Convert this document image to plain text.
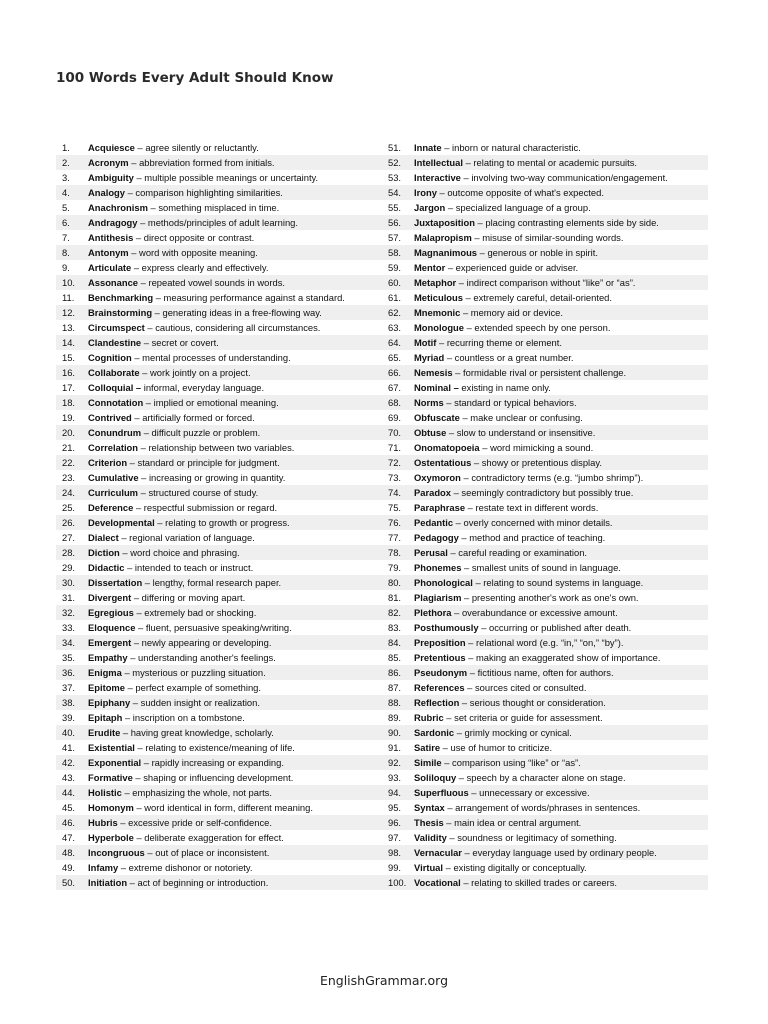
100 Words Every Adult Should Know
1. Acquiesce – agree silently or reluctantly.
2. Acronym – abbreviation formed from initials.
3. Ambiguity – multiple possible meanings or uncertainty.
4. Analogy – comparison highlighting similarities.
5. Anachronism – something misplaced in time.
6. Andragogy – methods/principles of adult learning.
7. Antithesis – direct opposite or contrast.
8. Antonym – word with opposite meaning.
9. Articulate – express clearly and effectively.
10. Assonance – repeated vowel sounds in words.
11. Benchmarking – measuring performance against a standard.
12. Brainstorming – generating ideas in a free-flowing way.
13. Circumspect – cautious, considering all circumstances.
14. Clandestine – secret or covert.
15. Cognition – mental processes of understanding.
16. Collaborate – work jointly on a project.
17. Colloquial – informal, everyday language.
18. Connotation – implied or emotional meaning.
19. Contrived – artificially formed or forced.
20. Conundrum – difficult puzzle or problem.
21. Correlation – relationship between two variables.
22. Criterion – standard or principle for judgment.
23. Cumulative – increasing or growing in quantity.
24. Curriculum – structured course of study.
25. Deference – respectful submission or regard.
26. Developmental – relating to growth or progress.
27. Dialect – regional variation of language.
28. Diction – word choice and phrasing.
29. Didactic – intended to teach or instruct.
30. Dissertation – lengthy, formal research paper.
31. Divergent – differing or moving apart.
32. Egregious – extremely bad or shocking.
33. Eloquence – fluent, persuasive speaking/writing.
34. Emergent – newly appearing or developing.
35. Empathy – understanding another's feelings.
36. Enigma – mysterious or puzzling situation.
37. Epitome – perfect example of something.
38. Epiphany – sudden insight or realization.
39. Epitaph – inscription on a tombstone.
40. Erudite – having great knowledge, scholarly.
41. Existential – relating to existence/meaning of life.
42. Exponential – rapidly increasing or expanding.
43. Formative – shaping or influencing development.
44. Holistic – emphasizing the whole, not parts.
45. Homonym – word identical in form, different meaning.
46. Hubris – excessive pride or self-confidence.
47. Hyperbole – deliberate exaggeration for effect.
48. Incongruous – out of place or inconsistent.
49. Infamy – extreme dishonor or notoriety.
50. Initiation – act of beginning or introduction.
51. Innate – inborn or natural characteristic.
52. Intellectual – relating to mental or academic pursuits.
53. Interactive – involving two-way communication/engagement.
54. Irony – outcome opposite of what's expected.
55. Jargon – specialized language of a group.
56. Juxtaposition – placing contrasting elements side by side.
57. Malapropism – misuse of similar-sounding words.
58. Magnanimous – generous or noble in spirit.
59. Mentor – experienced guide or adviser.
60. Metaphor – indirect comparison without “like” or “as”.
61. Meticulous – extremely careful, detail-oriented.
62. Mnemonic – memory aid or device.
63. Monologue – extended speech by one person.
64. Motif – recurring theme or element.
65. Myriad – countless or a great number.
66. Nemesis – formidable rival or persistent challenge.
67. Nominal – existing in name only.
68. Norms – standard or typical behaviors.
69. Obfuscate – make unclear or confusing.
70. Obtuse – slow to understand or insensitive.
71. Onomatopoeia – word mimicking a sound.
72. Ostentatious – showy or pretentious display.
73. Oxymoron – contradictory terms (e.g. “jumbo shrimp”).
74. Paradox – seemingly contradictory but possibly true.
75. Paraphrase – restate text in different words.
76. Pedantic – overly concerned with minor details.
77. Pedagogy – method and practice of teaching.
78. Perusal – careful reading or examination.
79. Phonemes – smallest units of sound in language.
80. Phonological – relating to sound systems in language.
81. Plagiarism – presenting another's work as one's own.
82. Plethora – overabundance or excessive amount.
83. Posthumously – occurring or published after death.
84. Preposition – relational word (e.g. “in,” “on,” “by”).
85. Pretentious – making an exaggerated show of importance.
86. Pseudonym – fictitious name, often for authors.
87. References – sources cited or consulted.
88. Reflection – serious thought or consideration.
89. Rubric – set criteria or guide for assessment.
90. Sardonic – grimly mocking or cynical.
91. Satire – use of humor to criticize.
92. Simile – comparison using “like” or “as”.
93. Soliloquy – speech by a character alone on stage.
94. Superfluous – unnecessary or excessive.
95. Syntax – arrangement of words/phrases in sentences.
96. Thesis – main idea or central argument.
97. Validity – soundness or legitimacy of something.
98. Vernacular – everyday language used by ordinary people.
99. Virtual – existing digitally or conceptually.
100. Vocational – relating to skilled trades or careers.
EnglishGrammar.org
